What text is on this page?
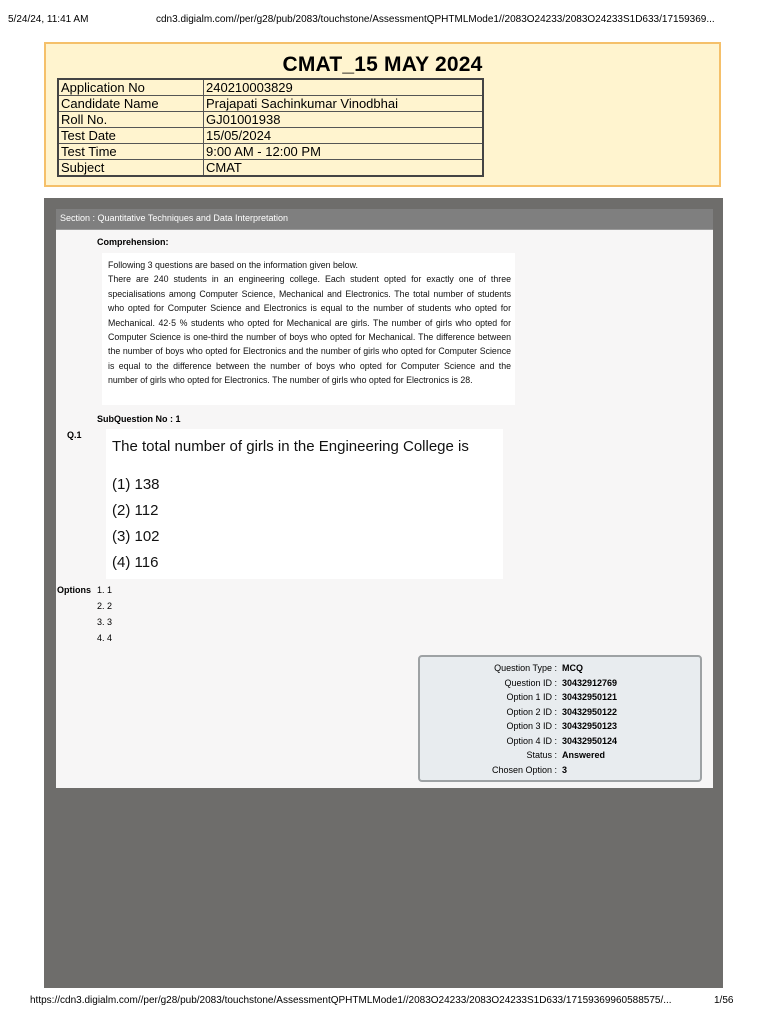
5/24/24, 11:41 AM	cdn3.digialm.com//per/g28/pub/2083/touchstone/AssessmentQPHTMLMode1//2083O24233/2083O24233S1D633/17159369...
CMAT_15 MAY 2024
Application No	240210003829
Candidate Name	Prajapati Sachinkumar Vinodbhai
Roll No.	GJ01001938
Test Date	15/05/2024
Test Time	9:00 AM - 12:00 PM
Subject	CMAT
Section : Quantitative Techniques and Data Interpretation
Comprehension:

Following 3 questions are based on the information given below.

There are 240 students in an engineering college. Each student opted for exactly one of three specialisations among Computer Science, Mechanical and Electronics. The total number of students who opted for Computer Science and Electronics is equal to the number of students who opted for Mechanical. 42·5 % students who opted for Mechanical are girls. The number of girls who opted for Computer Science is one-third the number of boys who opted for Mechanical. The difference between the number of boys who opted for Electronics and the number of girls who opted for Computer Science is equal to the difference between the number of boys who opted for Computer Science and the number of girls who opted for Electronics. The number of girls who opted for Electronics is 28.

SubQuestion No : 1
Q.1
The total number of girls in the Engineering College is
(1) 138
(2) 112
(3) 102
(4) 116
Options 1. 1
2. 2
3. 3
4. 4
Question Type : MCQ
Question ID : 30432912769
Option 1 ID : 30432950121
Option 2 ID : 30432950122
Option 3 ID : 30432950123
Option 4 ID : 30432950124
Status : Answered
Chosen Option : 3
https://cdn3.digialm.com//per/g28/pub/2083/touchstone/AssessmentQPHTMLMode1//2083O24233/2083O24233S1D633/17159369960588575/...	1/56
